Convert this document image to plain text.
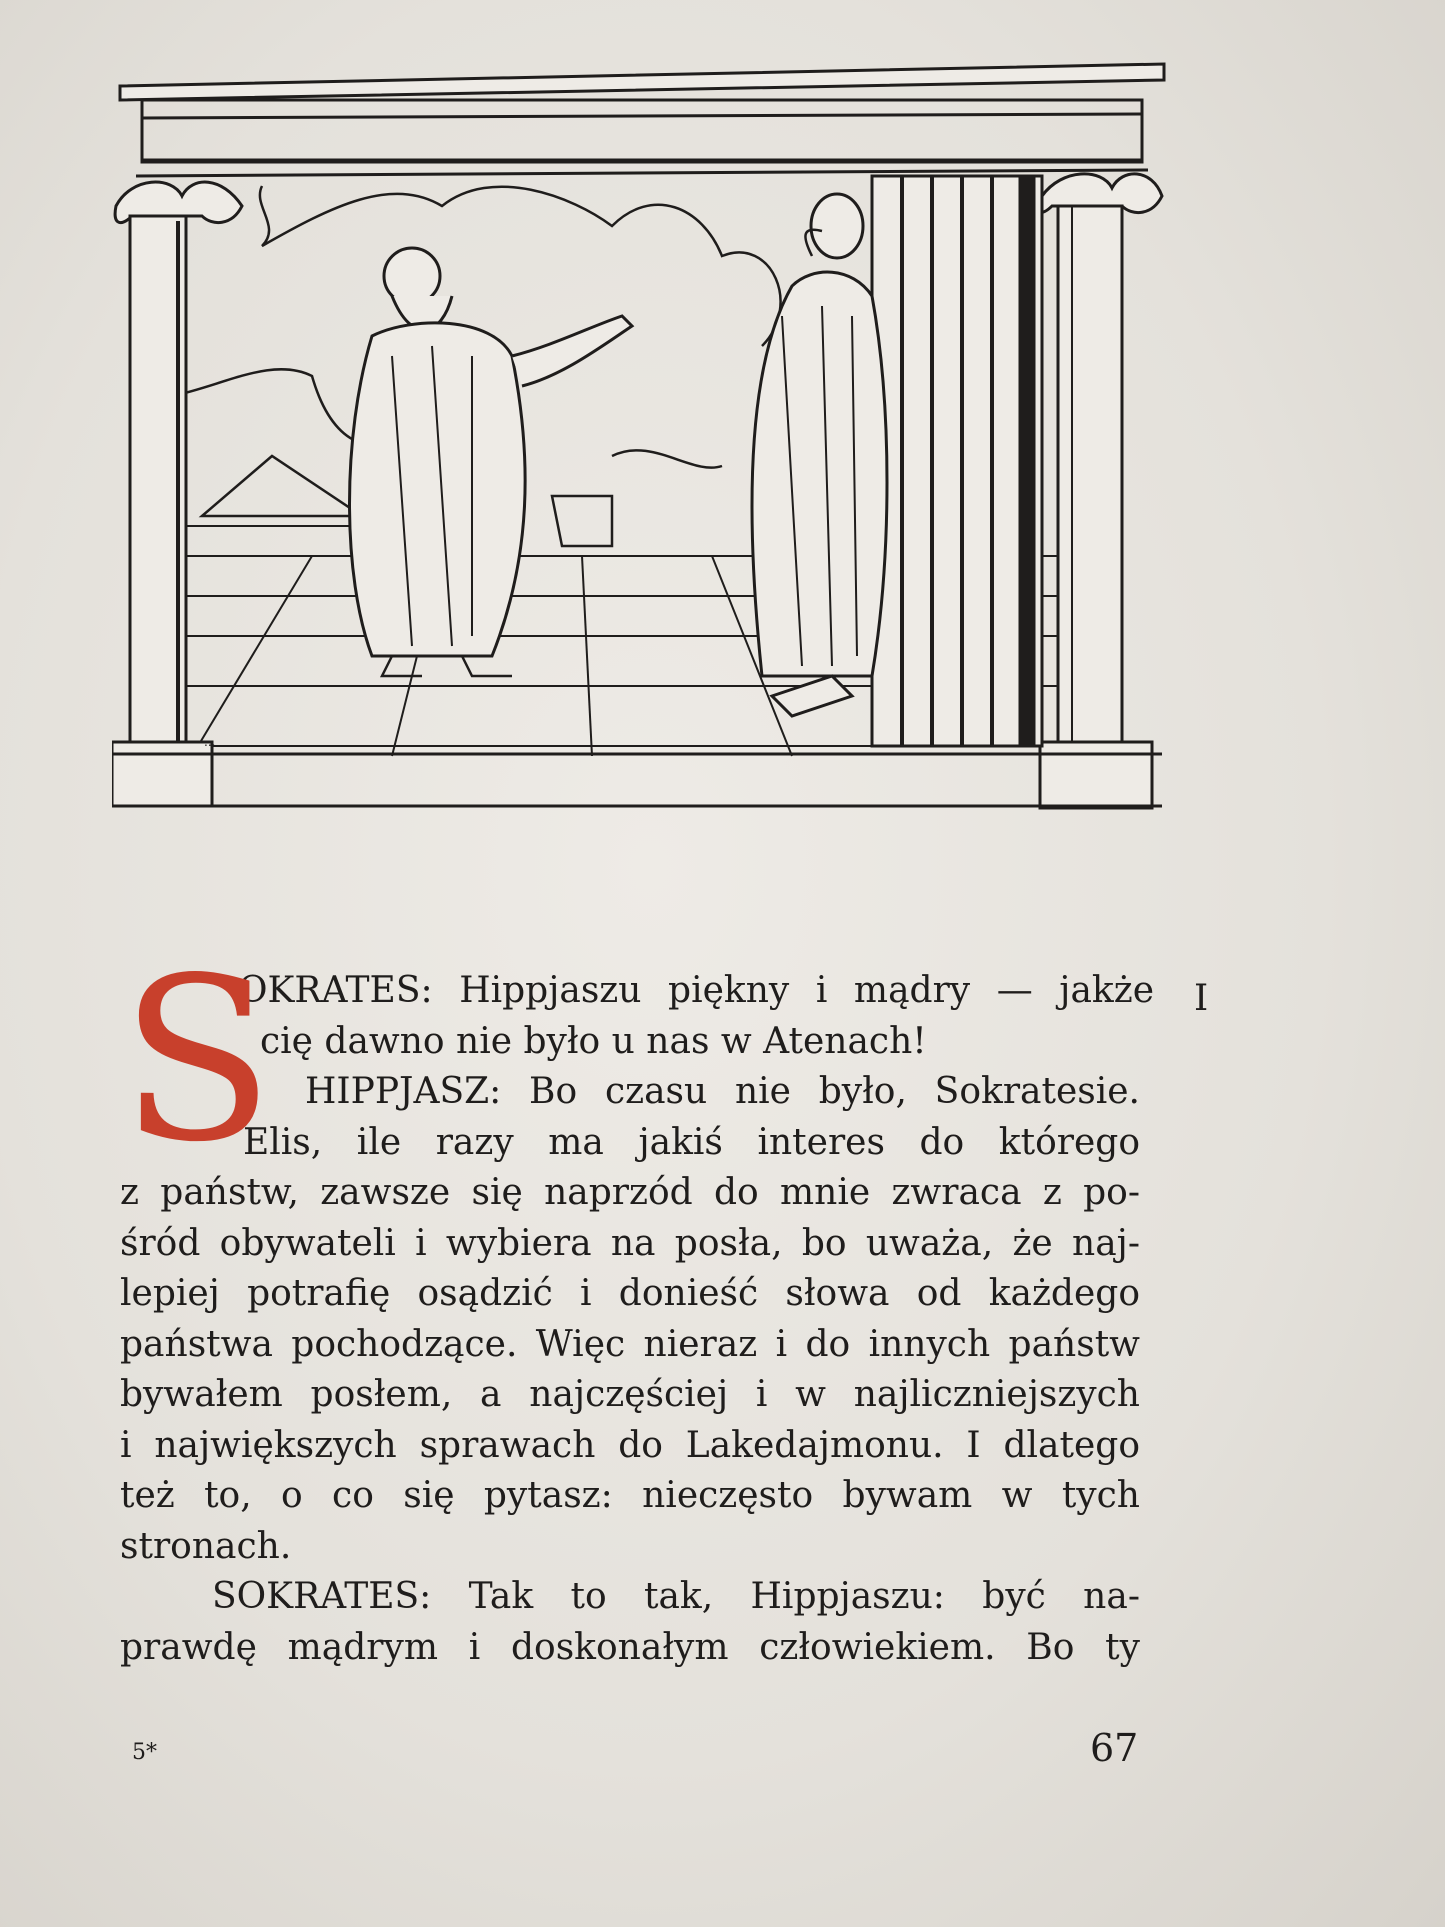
...
S
OKRATES: Hippjaszu piękny i mądry — jakże
cię dawno nie było u nas w Atenach!
HIPPJASZ: Bo czasu nie było, Sokratesie.
Elis, ile razy ma jakiś interes do którego
z państw, zawsze się naprzód do mnie zwraca z po-
śród obywateli i wybiera na posła, bo uważa, że naj-
lepiej potrafię osądzić i donieść słowa od każdego
państwa pochodzące. Więc nieraz i do innych państw
bywałem posłem, a najczęściej i w najliczniejszych
i największych sprawach do Lakedajmonu. I dlatego
też to, o co się pytasz: nieczęsto bywam w tych
stronach.
SOKRATES: Tak to tak, Hippjaszu: być na-
prawdę mądrym i doskonałym człowiekiem. Bo ty
I
5*	67
